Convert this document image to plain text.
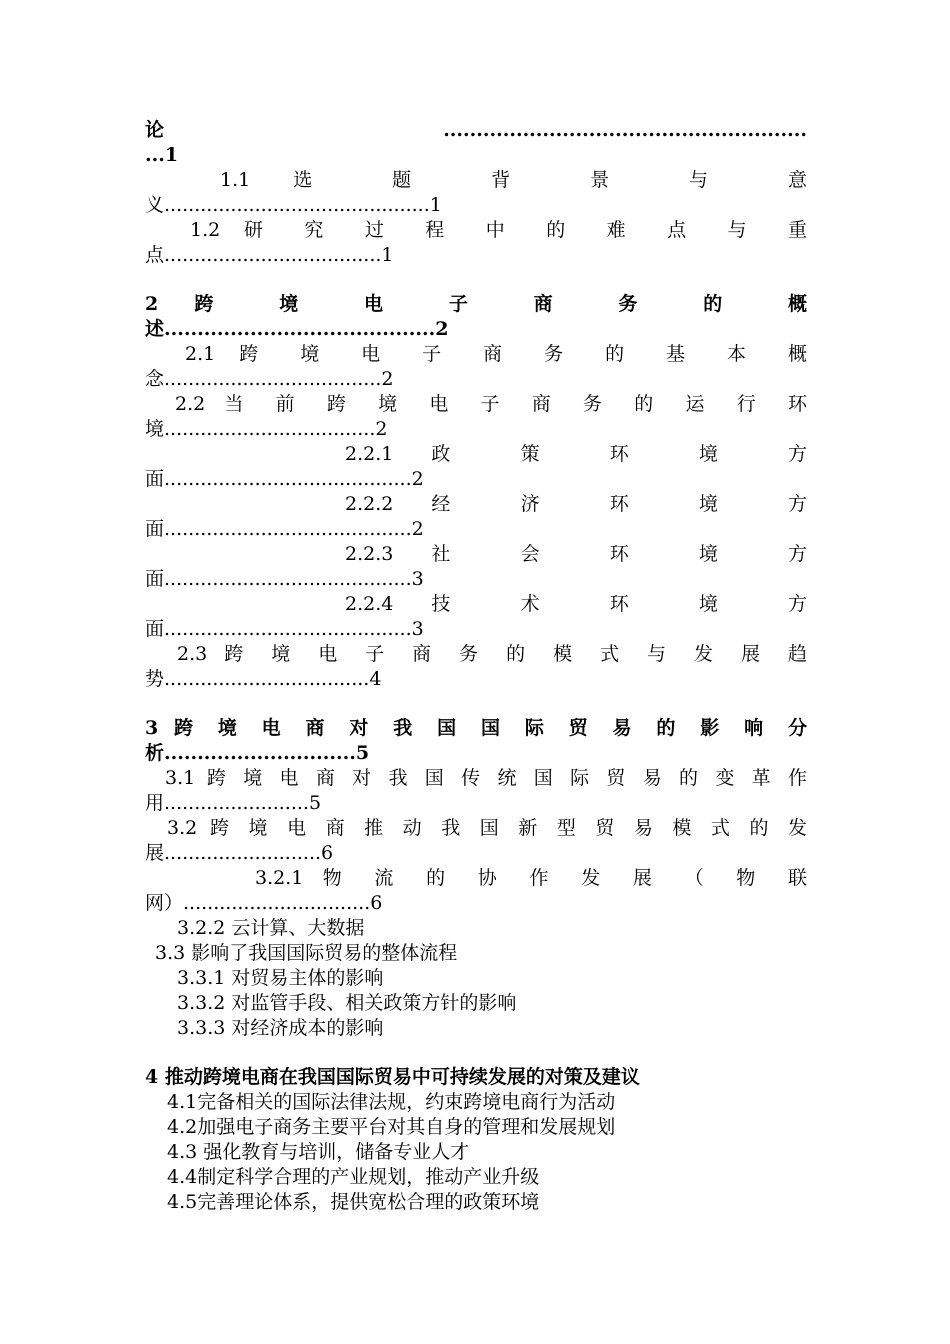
论.......................................................
...1
1.1 选 题 背 景 与 意
义............................................1
1.2 研 究 过 程 中 的 难 点 与 重
点....................................1
2 跨 境 电 子 商 务 的 概
述.........................................2
2.1 跨 境 电 子 商 务 的 基 本 概
念....................................2
2.2 当 前 跨 境 电 子 商 务 的 运 行 环
境...................................2
2.2.1 政 策 环 境 方
面.........................................2
2.2.2 经 济 环 境 方
面.........................................2
2.2.3 社 会 环 境 方
面.........................................3
2.2.4 技 术 环 境 方
面.........................................3
2.3 跨 境 电 子 商 务 的 模 式 与 发 展 趋
势..................................4
3 跨 境 电 商 对 我 国 国 际 贸 易 的 影 响 分
析.............................5
3.1 跨 境 电 商 对 我 国 传 统 国 际 贸 易 的 变 革 作
用........................5
3.2 跨 境 电 商 推 动 我 国 新 型 贸 易 模 式 的 发
展..........................6
3.2.1 物 流 的 协 作 发 展 （ 物 联
网）...............................6
3.2.2 云计算、大数据
3.3 影响了我国国际贸易的整体流程
3.3.1 对贸易主体的影响
3.3.2 对监管手段、相关政策方针的影响
3.3.3 对经济成本的影响
4 推动跨境电商在我国国际贸易中可持续发展的对策及建议
4.1完备相关的国际法律法规，约束跨境电商行为活动
4.2加强电子商务主要平台对其自身的管理和发展规划
4.3 强化教育与培训，储备专业人才
4.4制定科学合理的产业规划，推动产业升级
4.5完善理论体系，提供宽松合理的政策环境
